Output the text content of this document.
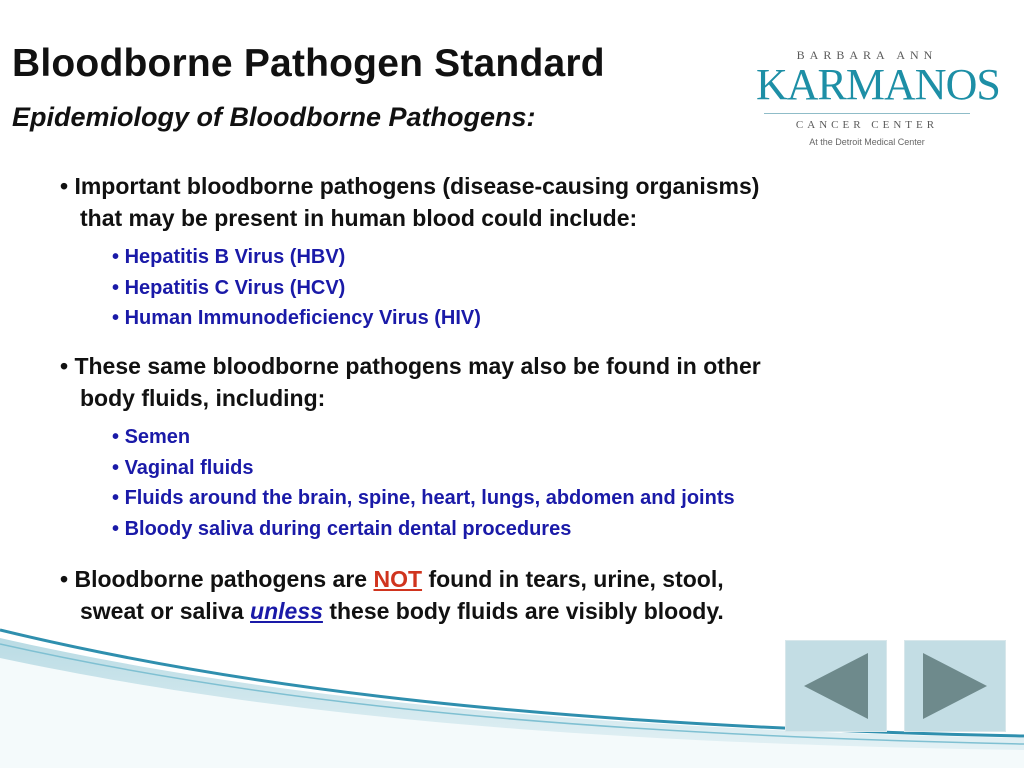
Bloodborne Pathogen Standard
Epidemiology of Bloodborne Pathogens:
BARBARA ANN
KARMANOS
CANCER CENTER
At the Detroit Medical Center
• Important bloodborne pathogens (disease-causing organisms)
that may be present in human blood could include:
• Hepatitis B Virus (HBV)
• Hepatitis C Virus (HCV)
• Human Immunodeficiency Virus (HIV)
• These same bloodborne pathogens may also be found in other
body fluids, including:
• Semen
• Vaginal fluids
• Fluids around the brain, spine, heart, lungs, abdomen and joints
• Bloody saliva during certain dental procedures
• Bloodborne pathogens are NOT found in tears, urine, stool,
sweat or saliva unless these body fluids are visibly bloody.
